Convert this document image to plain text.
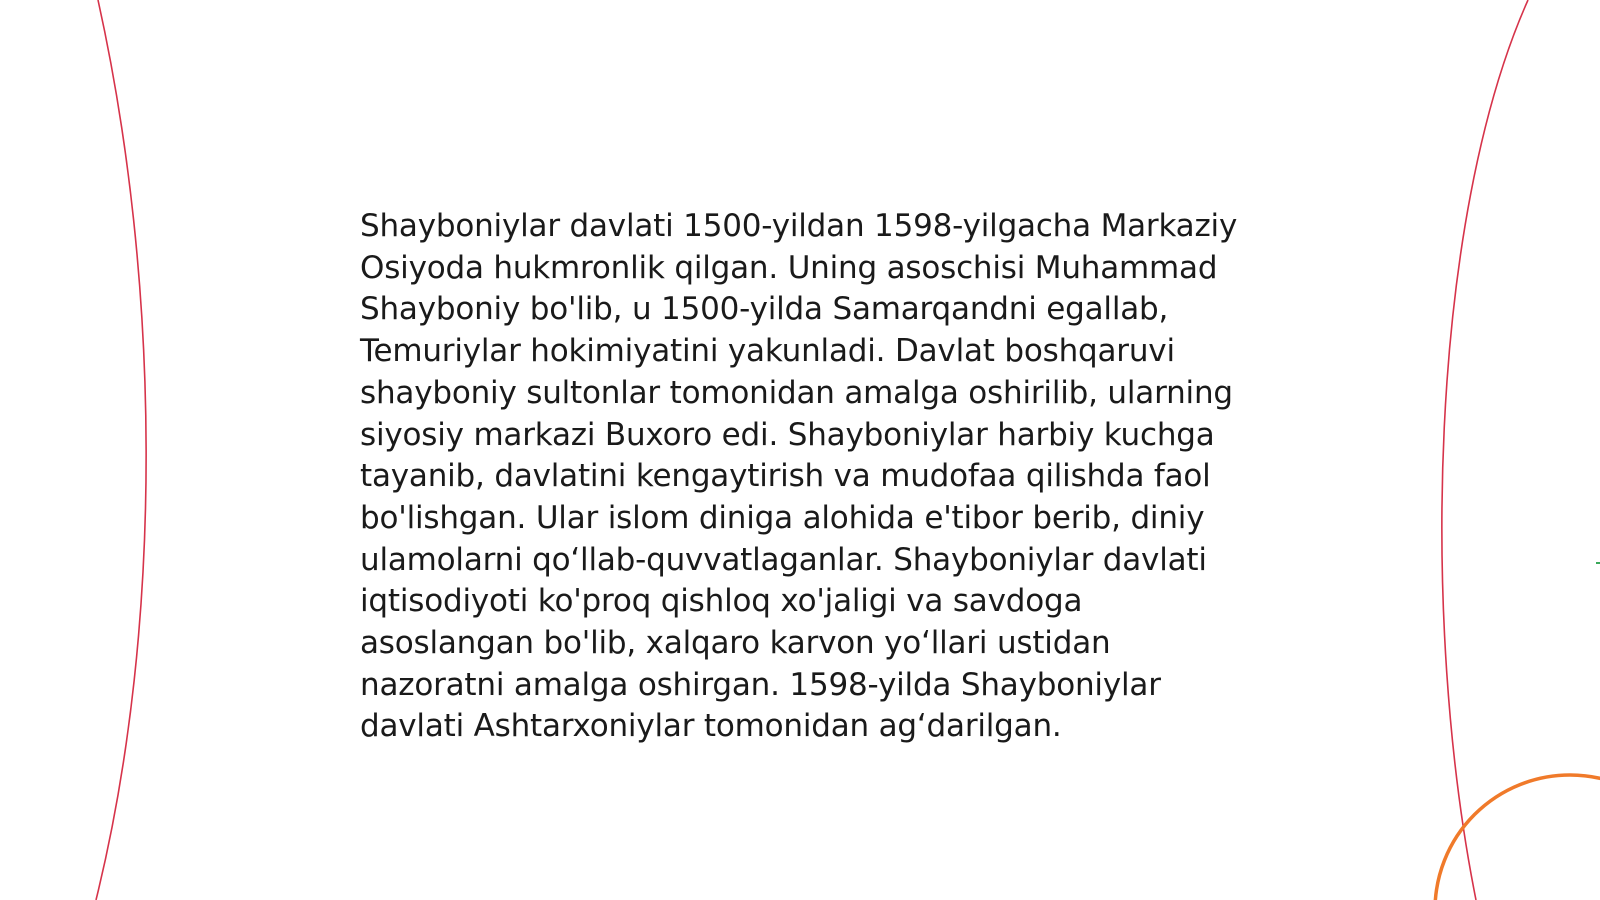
Shayboniylar davlati 1500-yildan 1598-yilgacha Markaziy Osiyoda hukmronlik qilgan. Uning asoschisi Muhammad Shayboniy bo'lib, u 1500-yilda Samarqandni egallab, Temuriylar hokimiyatini yakunladi. Davlat boshqaruvi shayboniy sultonlar tomonidan amalga oshirilib, ularning siyosiy markazi Buxoro edi. Shayboniylar harbiy kuchga tayanib, davlatini kengaytirish va mudofaa qilishda faol bo'lishgan. Ular islom diniga alohida e'tibor berib, diniy ulamolarni qo‘llab-quvvatlaganlar. Shayboniylar davlati iqtisodiyoti ko'proq qishloq xo'jaligi va savdoga asoslangan bo'lib, xalqaro karvon yo‘llari ustidan nazoratni amalga oshirgan. 1598-yilda Shayboniylar davlati Ashtarxoniylar tomonidan ag‘darilgan.
